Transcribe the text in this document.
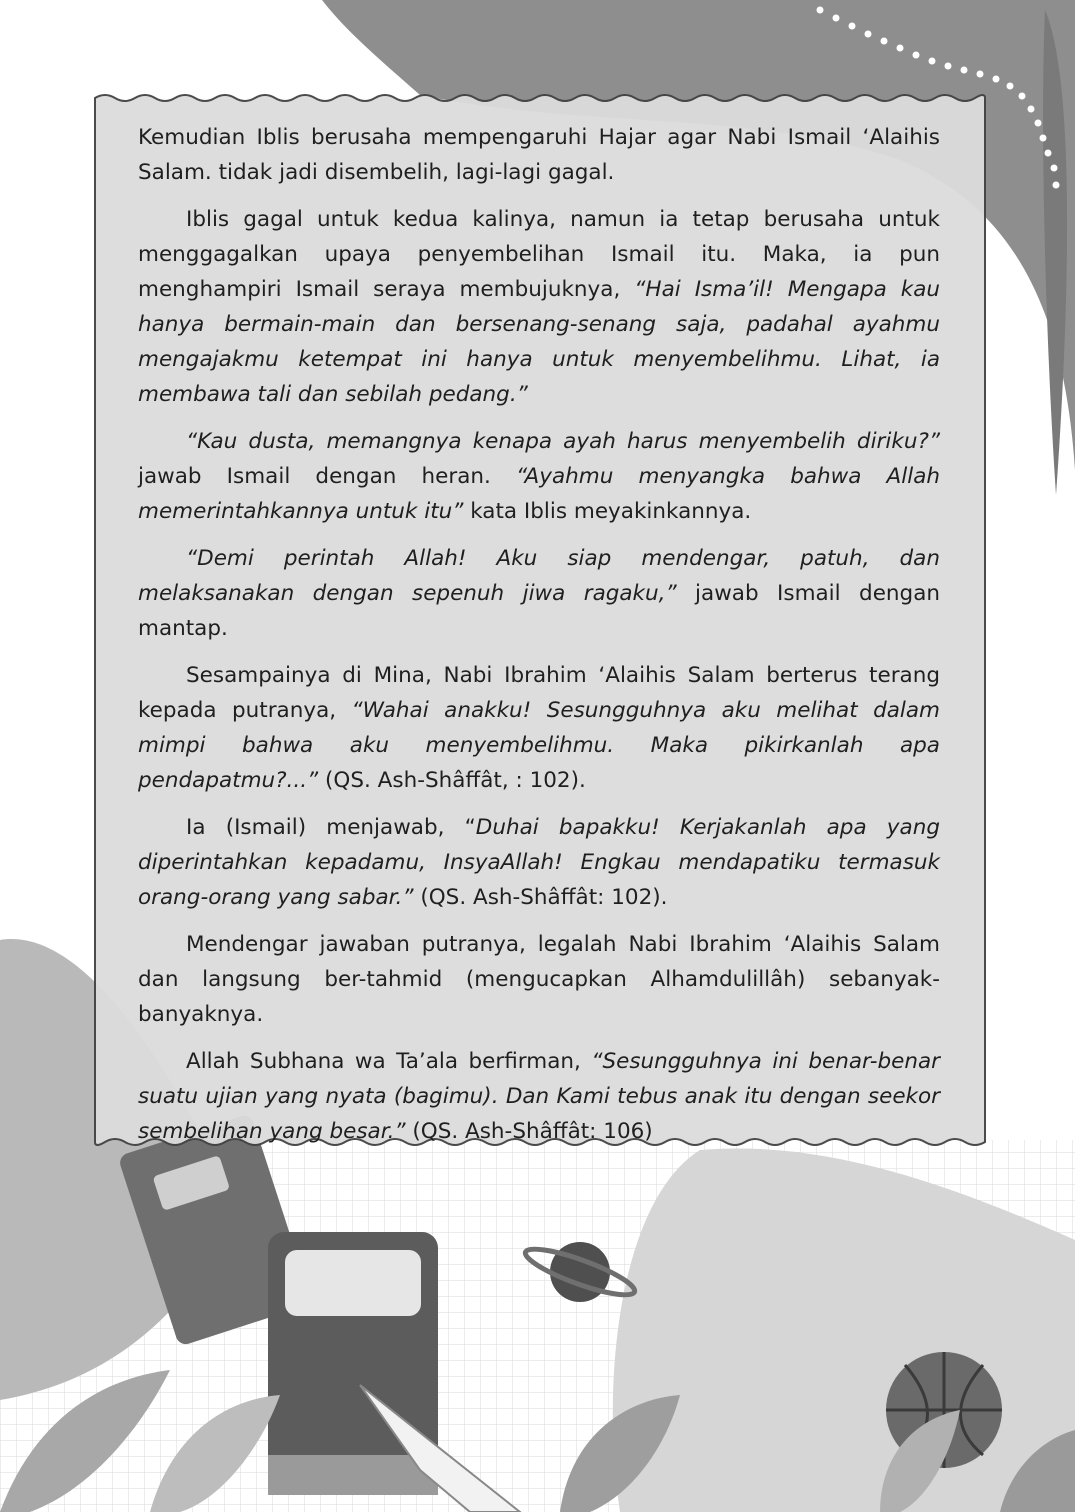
Kemudian Iblis berusaha mempengaruhi Hajar agar Nabi Ismail ‘Alaihis Salam. tidak jadi disembelih, lagi-lagi gagal.

Iblis gagal untuk kedua kalinya, namun ia tetap berusaha untuk menggagalkan upaya penyembelihan Ismail itu. Maka, ia pun menghampiri Ismail seraya membujuknya, “Hai Isma’il! Mengapa kau hanya bermain-main dan bersenang-senang saja, padahal ayahmu mengajakmu ketempat ini hanya untuk menyembelihmu. Lihat, ia membawa tali dan sebilah pedang.”

“Kau dusta, memangnya kenapa ayah harus menyembelih diriku?” jawab Ismail dengan heran. “Ayahmu menyangka bahwa Allah memerintahkannya untuk itu” kata Iblis meyakinkannya.

“Demi perintah Allah! Aku siap mendengar, patuh, dan melaksanakan dengan sepenuh jiwa ragaku,” jawab Ismail dengan mantap.

Sesampainya di Mina, Nabi Ibrahim ‘Alaihis Salam berterus terang kepada putranya, “Wahai anakku! Sesungguhnya aku melihat dalam mimpi bahwa aku menyembelihmu. Maka pikirkanlah apa pendapatmu?...” (QS. Ash-Shâffât, : 102).

Ia (Ismail) menjawab, “Duhai bapakku! Kerjakanlah apa yang diperintahkan kepadamu, InsyaAllah! Engkau mendapatiku termasuk orang-orang yang sabar.” (QS. Ash-Shâffât: 102).

Mendengar jawaban putranya, legalah Nabi Ibrahim ‘Alaihis Salam dan langsung ber-tahmid (mengucapkan Alhamdulillâh) sebanyak-banyaknya.

Allah Subhana wa Ta’ala berfirman, “Sesungguhnya ini benar-benar suatu ujian yang nyata (bagimu). Dan Kami tebus anak itu dengan seekor sembelihan yang besar.” (QS. Ash-Shâffât: 106)
